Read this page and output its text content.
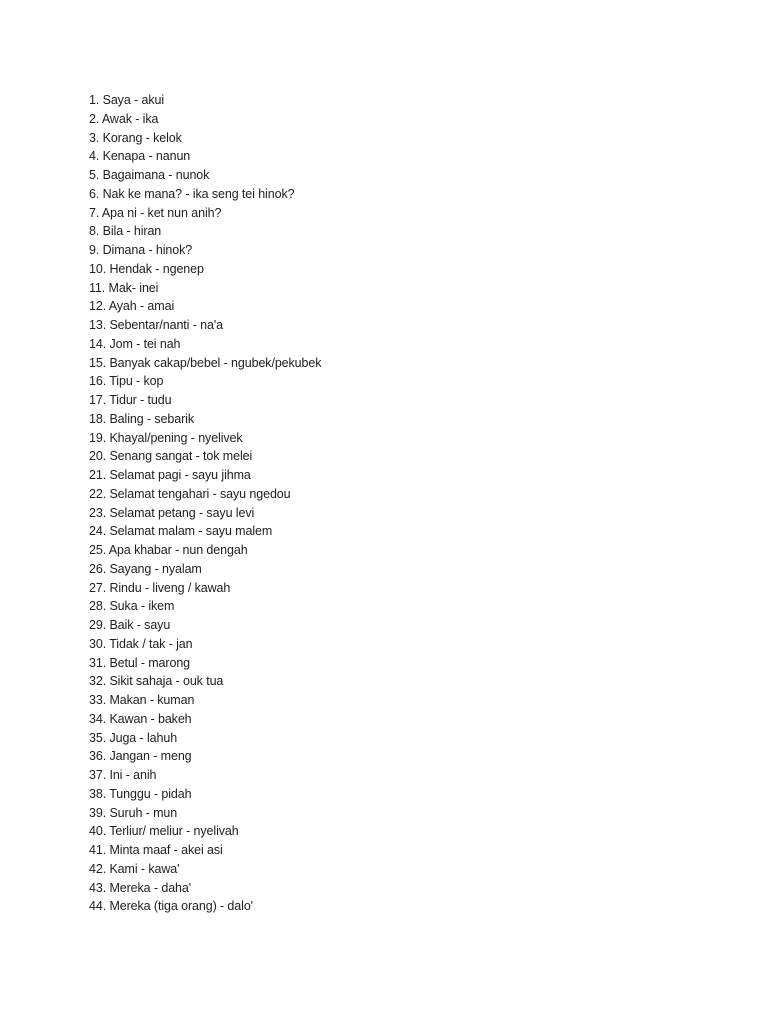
1. Saya - akui
2. Awak - ika
3. Korang - kelok
4. Kenapa - nanun
5. Bagaimana - nunok
6. Nak ke mana? - ika seng tei hinok?
7. Apa ni - ket nun anih?
8. Bila - hiran
9. Dimana - hinok?
10. Hendak - ngenep
11. Mak- inei
12. Ayah - amai
13. Sebentar/nanti - na'a
14. Jom - tei nah
15. Banyak cakap/bebel - ngubek/pekubek
16. Tipu - kop
17. Tidur - tudu
18. Baling - sebarik
19. Khayal/pening - nyelivek
20. Senang sangat - tok melei
21. Selamat pagi - sayu jihma
22. Selamat tengahari - sayu ngedou
23. Selamat petang - sayu levi
24. Selamat malam - sayu malem
25. Apa khabar - nun dengah
26. Sayang - nyalam
27. Rindu - liveng / kawah
28. Suka - ikem
29. Baik - sayu
30. Tidak / tak - jan
31. Betul - marong
32. Sikit sahaja - ouk tua
33. Makan - kuman
34. Kawan - bakeh
35. Juga - lahuh
36. Jangan - meng
37. Ini - anih
38. Tunggu - pidah
39. Suruh - mun
40. Terliur/ meliur - nyelivah
41. Minta maaf - akei asi
42. Kami - kawa'
43. Mereka - daha'
44. Mereka (tiga orang) - dalo'
